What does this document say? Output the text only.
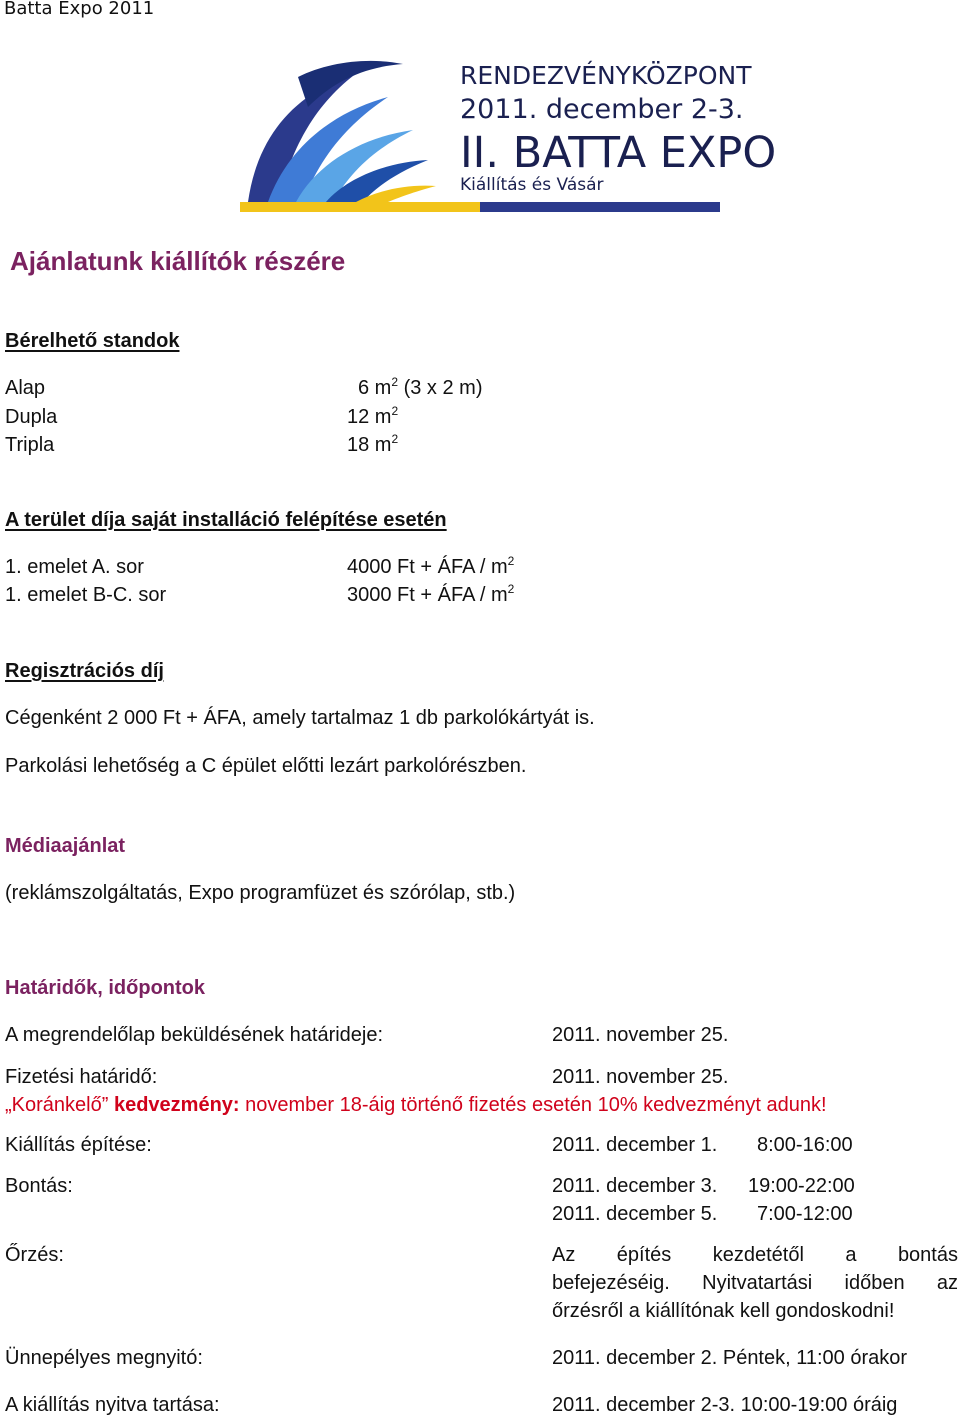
Batta Expo 2011
RENDEZVÉNYKÖZPONT
2011. december 2-3.
II. BATTA EXPO
Kiállítás és Vásár
Ajánlatunk kiállítók részére
Bérelhető standok
Alap	6 $m^2$ (3 x 2 m)
Dupla	12 $m^2$
Tripla	18 $m^2$
A terület díja saját installáció felépítése esetén
1. emelet A. sor	4000 Ft + ÁFA / $m^2$
1. emelet B-C. sor	3000 Ft + ÁFA / $m^2$
Regisztrációs díj
Cégenként 2 000 Ft + ÁFA, amely tartalmaz 1 db parkolókártyát is.
Parkolási lehetőség a C épület előtti lezárt parkolórészben.
Médiaajánlat
(reklámszolgáltatás, Expo programfüzet és szórólap, stb.)
Határidők, időpontok
A megrendelőlap beküldésének határideje:	2011. november 25.
Fizetési határidő:	2011. november 25.
„Koránkelő” kedvezmény: november 18-áig történő fizetés esetén 10% kedvezményt adunk!
Kiállítás építése:	2011. december 1. 8:00-16:00
Bontás:	2011. december 3. 19:00-22:00
2011. december 5. 7:00-12:00
Őrzés:	Az építés kezdetétől a bontás
befejezéséig. Nyitvatartási időben az
őrzésről a kiállítónak kell gondoskodni!
Ünnepélyes megnyitó:	2011. december 2. Péntek, 11:00 órakor
A kiállítás nyitva tartása:	2011. december 2-3. 10:00-19:00 óráig
